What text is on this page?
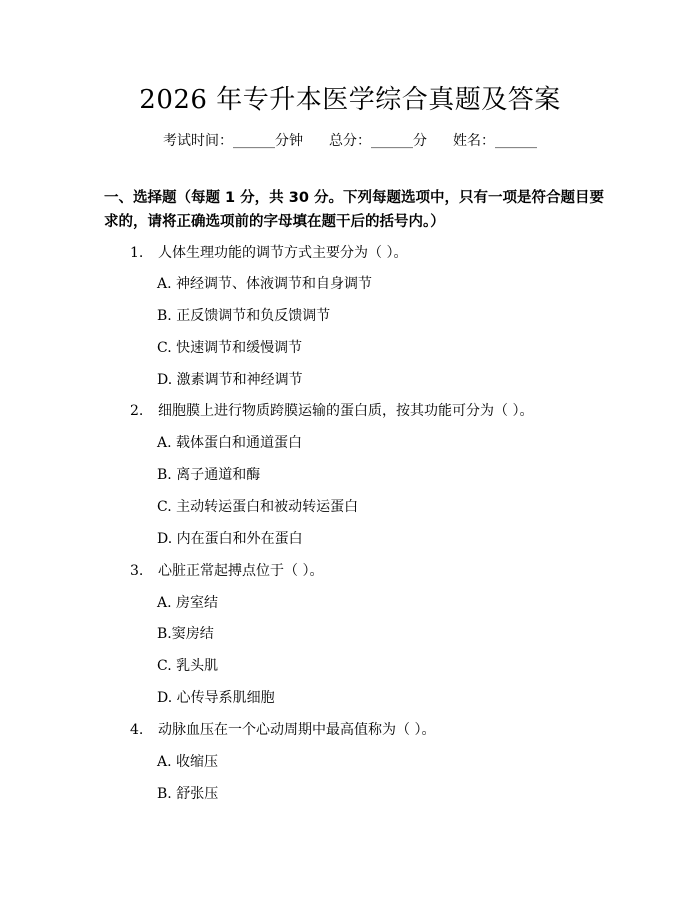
2026 年专升本医学综合真题及答案
考试时间：______分钟 总分：______分 姓名：______
一、选择题（每题 1 分，共 30 分。下列每题选项中，只有一项是符合题目要求的，请将正确选项前的字母填在题干后的括号内。）
1. 人体生理功能的调节方式主要分为（ ）。
A. 神经调节、体液调节和自身调节
B. 正反馈调节和负反馈调节
C. 快速调节和缓慢调节
D. 激素调节和神经调节
2. 细胞膜上进行物质跨膜运输的蛋白质，按其功能可分为（ ）。
A. 载体蛋白和通道蛋白
B. 离子通道和酶
C. 主动转运蛋白和被动转运蛋白
D. 内在蛋白和外在蛋白
3. 心脏正常起搏点位于（ ）。
A. 房室结
B.窦房结
C. 乳头肌
D. 心传导系肌细胞
4. 动脉血压在一个心动周期中最高值称为（ ）。
A. 收缩压
B. 舒张压
